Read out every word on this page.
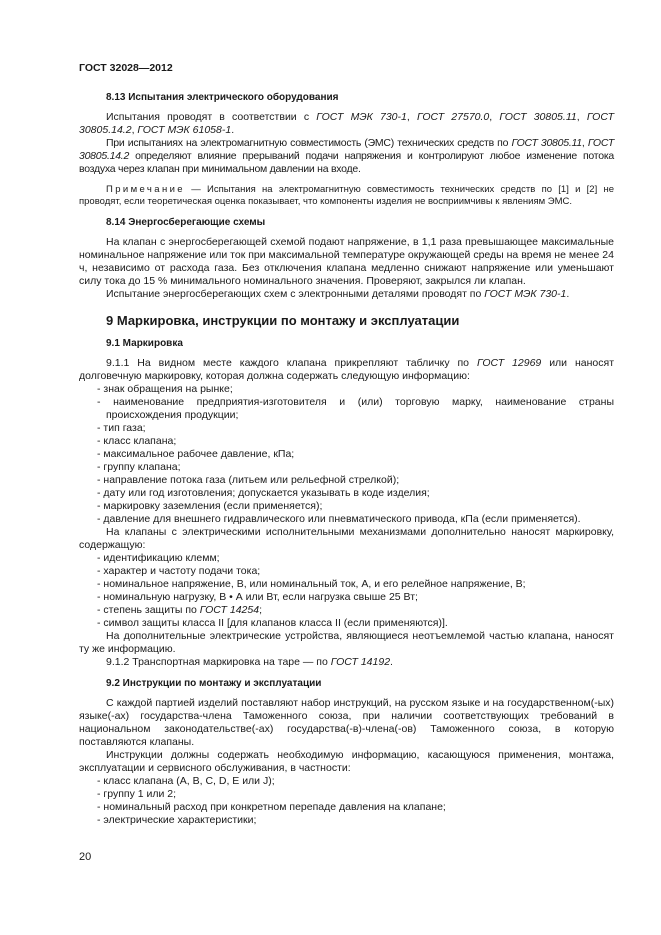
ГОСТ 32028—2012
8.13 Испытания электрического оборудования

Испытания проводят в соответствии с ГОСТ МЭК 730-1, ГОСТ 27570.0, ГОСТ 30805.11, ГОСТ 30805.14.2, ГОСТ МЭК 61058-1.

При испытаниях на электромагнитную совместимость (ЭМС) технических средств по ГОСТ 30805.11, ГОСТ 30805.14.2 определяют влияние прерываний подачи напряжения и контролируют любое изменение потока воздуха через клапан при минимальном давлении на входе.

Примечание — Испытания на электромагнитную совместимость технических средств по [1] и [2] не проводят, если теоретическая оценка показывает, что компоненты изделия не восприимчивы к явлениям ЭМС.

8.14 Энергосберегающие схемы

На клапан с энергосберегающей схемой подают напряжение, в 1,1 раза превышающее максимальные номинальное напряжение или ток при максимальной температуре окружающей среды на время не менее 24 ч, независимо от расхода газа. Без отключения клапана медленно снижают напряжение или уменьшают силу тока до 15 % минимального номинального значения. Проверяют, закрылся ли клапан.

Испытание энергосберегающих схем с электронными деталями проводят по ГОСТ МЭК 730-1.

9 Маркировка, инструкции по монтажу и эксплуатации
9.1 Маркировка

9.1.1 На видном месте каждого клапана прикрепляют табличку по ГОСТ 12969 или наносят долговечную маркировку, которая должна содержать следующую информацию:

- знак обращения на рынке;

- наименование предприятия-изготовителя и (или) торговую марку, наименование страны происхождения продукции;

- тип газа;

- класс клапана;

- максимальное рабочее давление, кПа;

- группу клапана;

- направление потока газа (литьем или рельефной стрелкой);

- дату или год изготовления; допускается указывать в коде изделия;

- маркировку заземления (если применяется);

- давление для внешнего гидравлического или пневматического привода, кПа (если применяется).

На клапаны с электрическими исполнительными механизмами дополнительно наносят маркировку, содержащую:

- идентификацию клемм;

- характер и частоту подачи тока;

- номинальное напряжение, В, или номинальный ток, А, и его релейное напряжение, В;

- номинальную нагрузку, В • А или Вт, если нагрузка свыше 25 Вт;

- степень защиты по ГОСТ 14254;

- символ защиты класса II [для клапанов класса II (если применяются)].

На дополнительные электрические устройства, являющиеся неотъемлемой частью клапана, наносят ту же информацию.

9.1.2 Транспортная маркировка на таре — по ГОСТ 14192.

9.2 Инструкции по монтажу и эксплуатации

С каждой партией изделий поставляют набор инструкций, на русском языке и на государственном(-ых) языке(-ах) государства-члена Таможенного союза, при наличии соответствующих требований в национальном законодательстве(-ах) государства(-в)-члена(-ов) Таможенного союза, в которую поставляются клапаны.

Инструкции должны содержать необходимую информацию, касающуюся применения, монтажа, эксплуатации и сервисного обслуживания, в частности:

- класс клапана (A, B, C, D, E или J);

- группу 1 или 2;

- номинальный расход при конкретном перепаде давления на клапане;

- электрические характеристики;

20
